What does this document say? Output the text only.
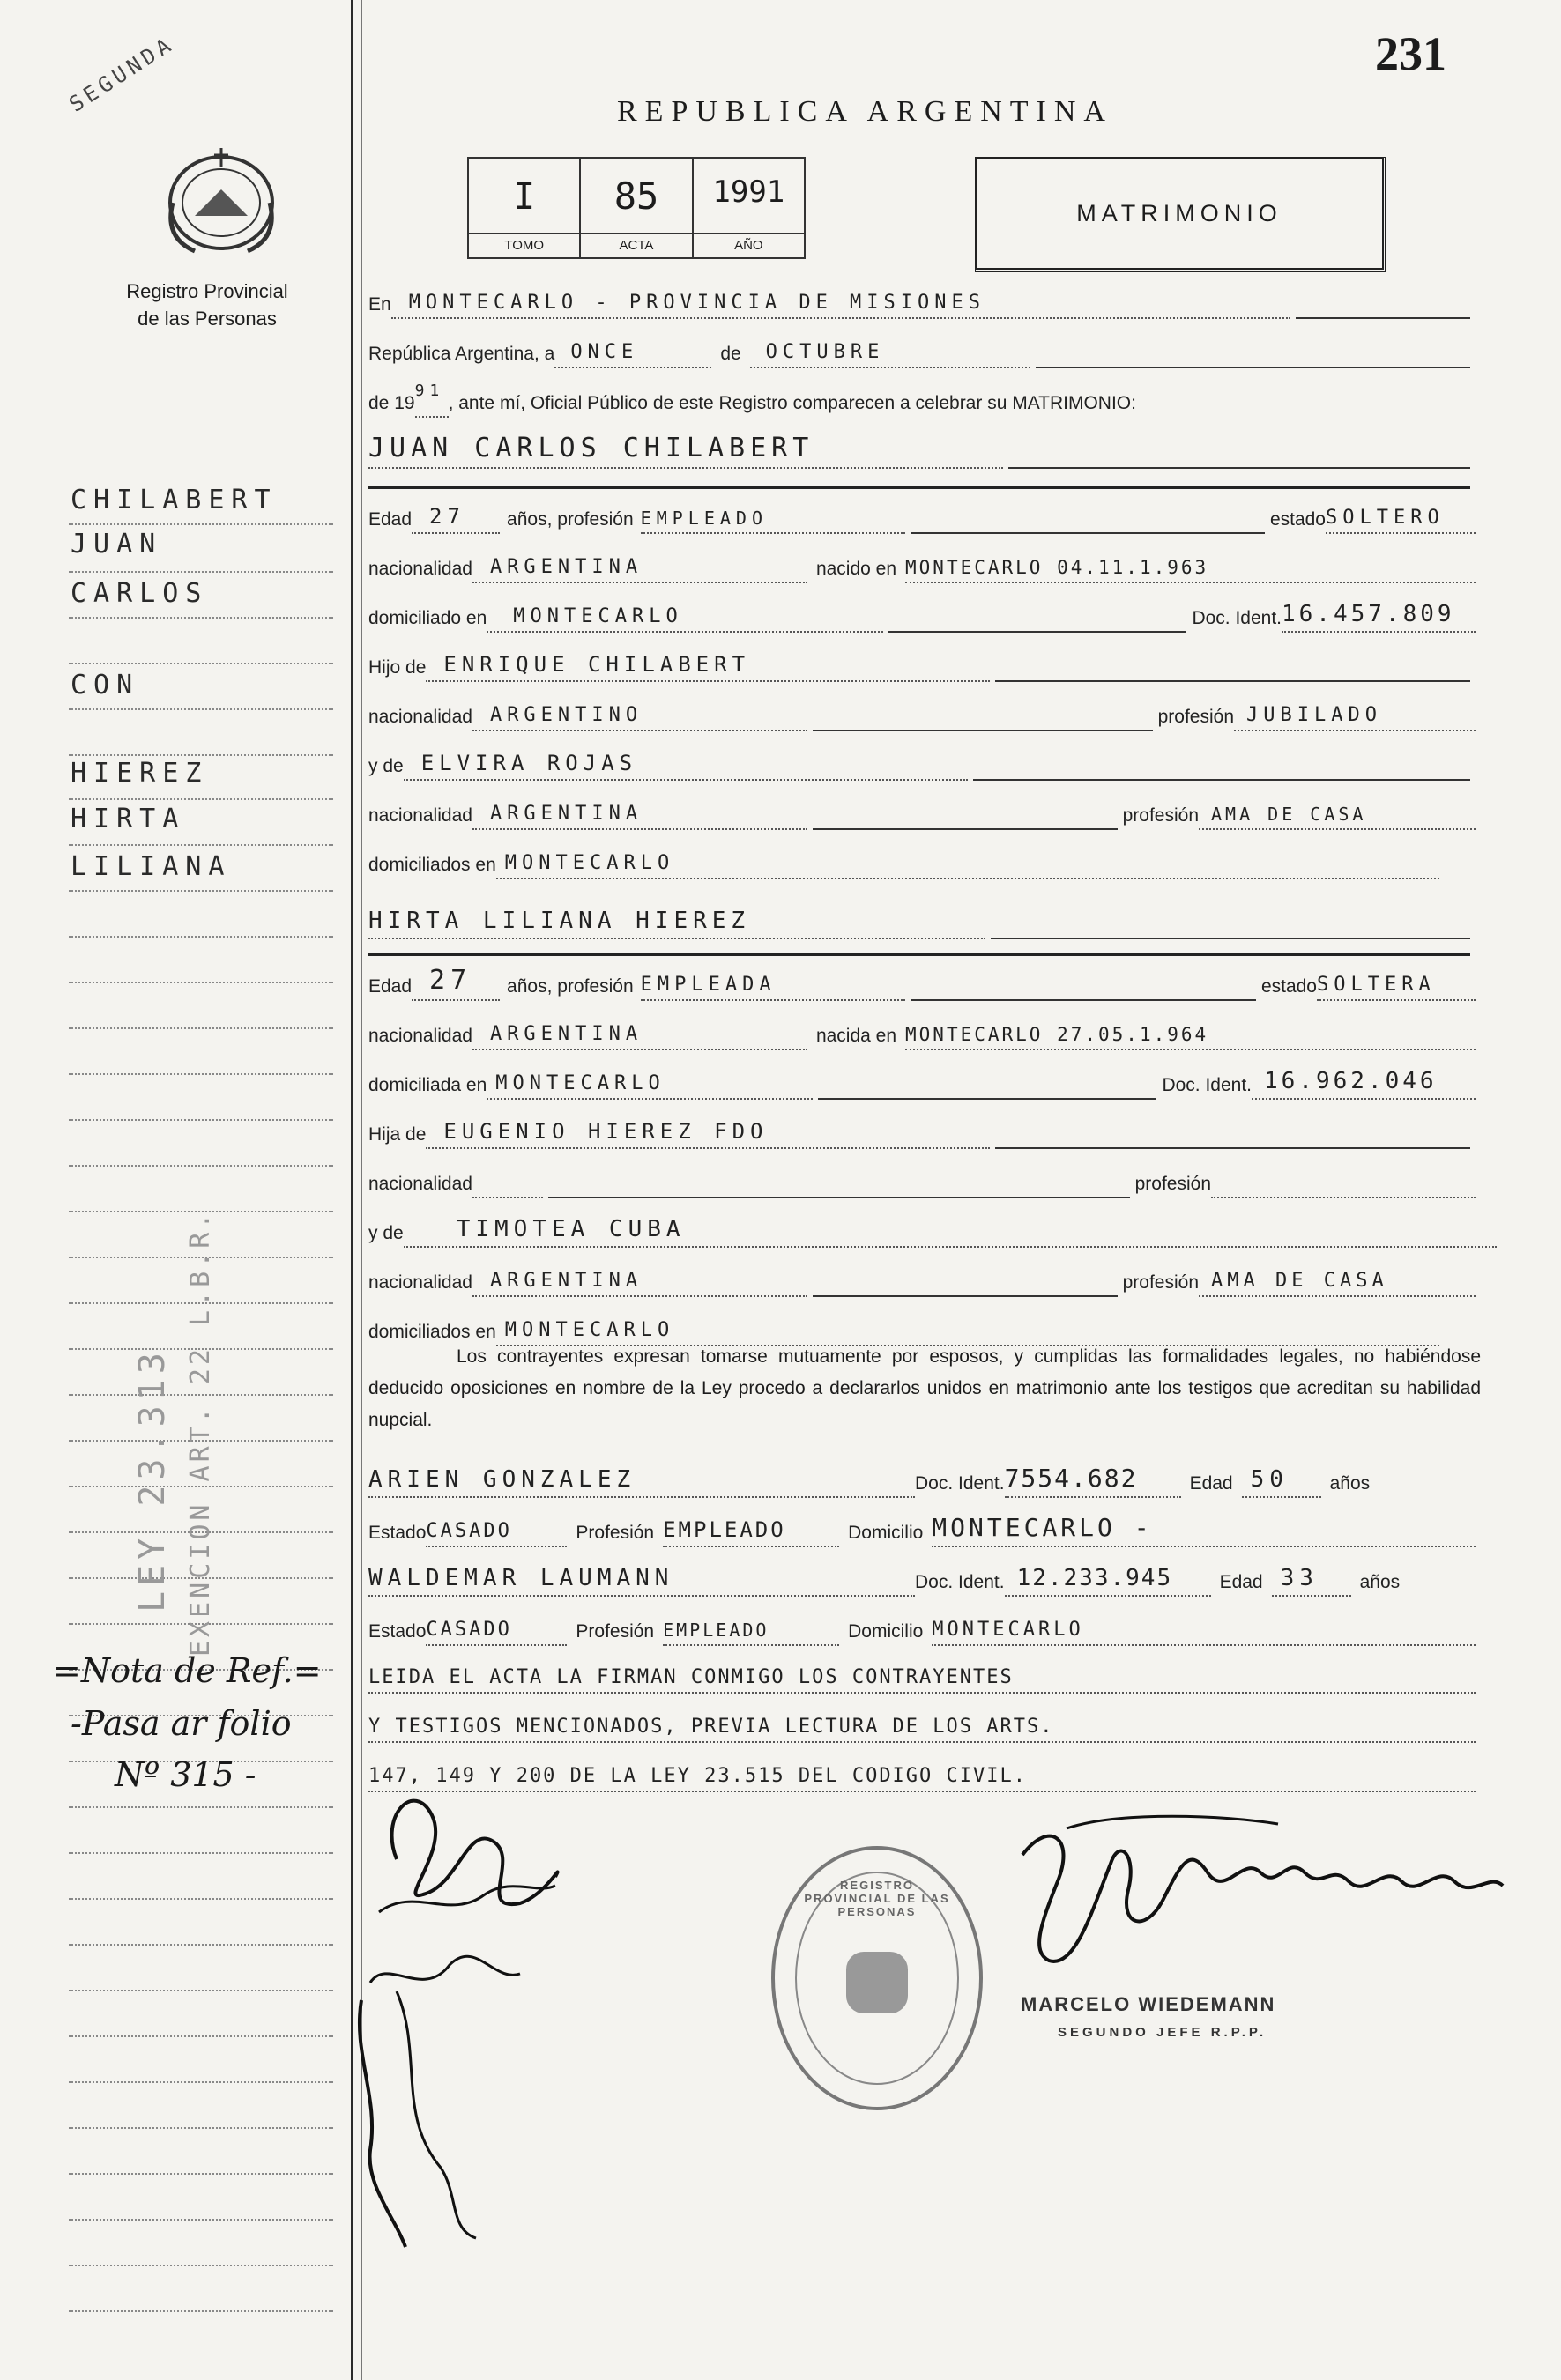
SEGUNDA
Registro Provincial
de las Personas
231
REPUBLICA ARGENTINA
I
TOMO
85
ACTA
1991
AÑO
MATRIMONIO
En MONTECARLO - PROVINCIA DE MISIONES
República Argentina, a ONCE	de	OCTUBRE
de 19
91
, ante mí, Oficial Público de este Registro comparecen a celebrar su MATRIMONIO:
JUAN CARLOS CHILABERT
Edad 27	años, profesión EMPLEADO	estado SOLTERO
nacionalidad ARGENTINA	nacido en MONTECARLO 04.11.1.963
domiciliado en	MONTECARLO	Doc. Ident. 16.457.809
Hijo de ENRIQUE CHILABERT
nacionalidad ARGENTINO	profesión JUBILADO
y de ELVIRA ROJAS
nacionalidad ARGENTINA	profesión AMA DE CASA
domiciliados en MONTECARLO
HIRTA LILIANA HIEREZ
Edad 27	años, profesión EMPLEADA	estado SOLTERA
nacionalidad ARGENTINA	nacida en MONTECARLO 27.05.1.964
domiciliada en MONTECARLO	Doc. Ident. 16.962.046
Hija de EUGENIO HIEREZ FDO
nacionalidad	profesión
y de	TIMOTEA CUBA
nacionalidad ARGENTINA	profesión AMA DE CASA
domiciliados en MONTECARLO
Los contrayentes expresan tomarse mutuamente por esposos, y cumplidas las formalidades legales, no habiéndose deducido oposiciones en nombre de la Ley procedo a declararlos unidos en matrimonio ante los testigos que acreditan su habilidad nupcial.
ARIEN GONZALEZ	Doc. Ident. 7554.682	Edad 50	años
Estado CASADO	Profesión EMPLEADO	Domicilio MONTECARLO -
WALDEMAR LAUMANN	Doc. Ident. 12.233.945	Edad 33	años
Estado CASADO	Profesión EMPLEADO	Domicilio MONTECARLO
LEIDA EL ACTA LA FIRMAN CONMIGO LOS CONTRAYENTES
Y TESTIGOS MENCIONADOS, PREVIA LECTURA DE LOS ARTS.
147, 149 Y 200 DE LA LEY 23.515 DEL CODIGO CIVIL.
REGISTRO PROVINCIAL DE LAS PERSONAS
MARCELO WIEDEMANN
SEGUNDO JEFE R.P.P.
CHILABERT
JUAN
CARLOS
CON
HIEREZ
HIRTA
LILIANA
LEY 23.313 EXENCION ART. 22 L.B.R.
=Nota de Ref.=
-Pasa ar folio
Nº 315 -
